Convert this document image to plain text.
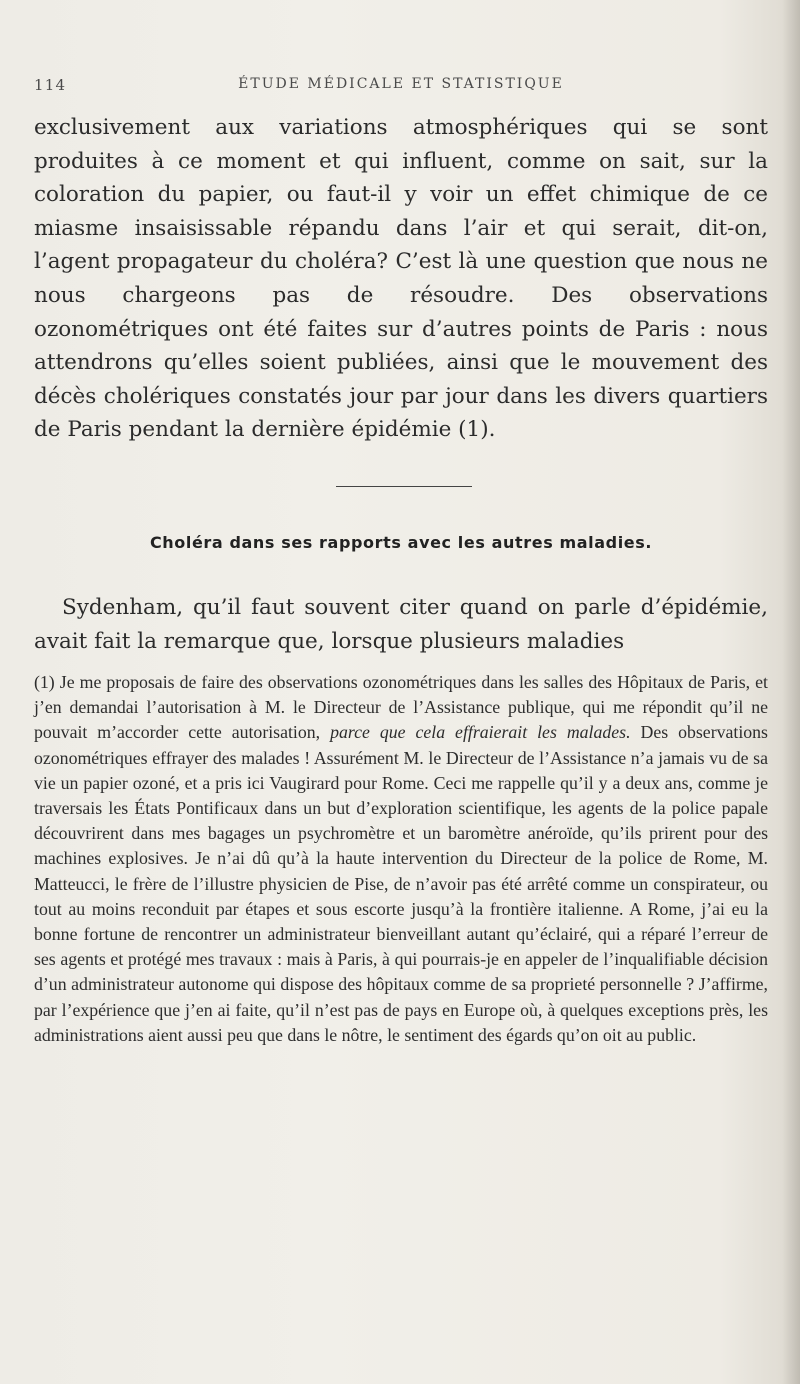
114	ÉTUDE MÉDICALE ET STATISTIQUE

exclusivement aux variations atmosphériques qui se sont produites à ce moment et qui influent, comme on sait, sur la coloration du papier, ou faut-il y voir un effet chimique de ce miasme insaisissable répandu dans l’air et qui serait, dit-on, l’agent propagateur du choléra? C’est là une question que nous ne nous chargeons pas de résoudre. Des observations ozonométriques ont été faites sur d’autres points de Paris : nous attendrons qu’elles soient publiées, ainsi que le mouvement des décès cholériques constatés jour par jour dans les divers quartiers de Paris pendant la dernière épidémie (1).

Choléra dans ses rapports avec les autres maladies.

Sydenham, qu’il faut souvent citer quand on parle d’épidémie, avait fait la remarque que, lorsque plusieurs maladies

(1) Je me proposais de faire des observations ozonométriques dans les salles des Hôpitaux de Paris, et j’en demandai l’autorisation à M. le Directeur de l’Assistance publique, qui me répondit qu’il ne pouvait m’accorder cette autorisation, parce que cela effraierait les malades. Des observations ozonométriques effrayer des malades ! Assurément M. le Directeur de l’Assistance n’a jamais vu de sa vie un papier ozoné, et a pris ici Vaugirard pour Rome. Ceci me rappelle qu’il y a deux ans, comme je traversais les États Pontificaux dans un but d’exploration scientifique, les agents de la police papale découvrirent dans mes bagages un psychromètre et un baromètre anéroïde, qu’ils prirent pour des machines explosives. Je n’ai dû qu’à la haute intervention du Directeur de la police de Rome, M. Matteucci, le frère de l’illustre physicien de Pise, de n’avoir pas été arrêté comme un conspirateur, ou tout au moins reconduit par étapes et sous escorte jusqu’à la frontière italienne. A Rome, j’ai eu la bonne fortune de rencontrer un administrateur bienveillant autant qu’éclairé, qui a réparé l’erreur de ses agents et protégé mes travaux : mais à Paris, à qui pourrais-je en appeler de l’inqualifiable décision d’un administrateur autonome qui dispose des hôpitaux comme de sa proprieté personnelle ? J’affirme, par l’expérience que j’en ai faite, qu’il n’est pas de pays en Europe où, à quelques exceptions près, les administrations aient aussi peu que dans le nôtre, le sentiment des égards qu’on oit au public.
